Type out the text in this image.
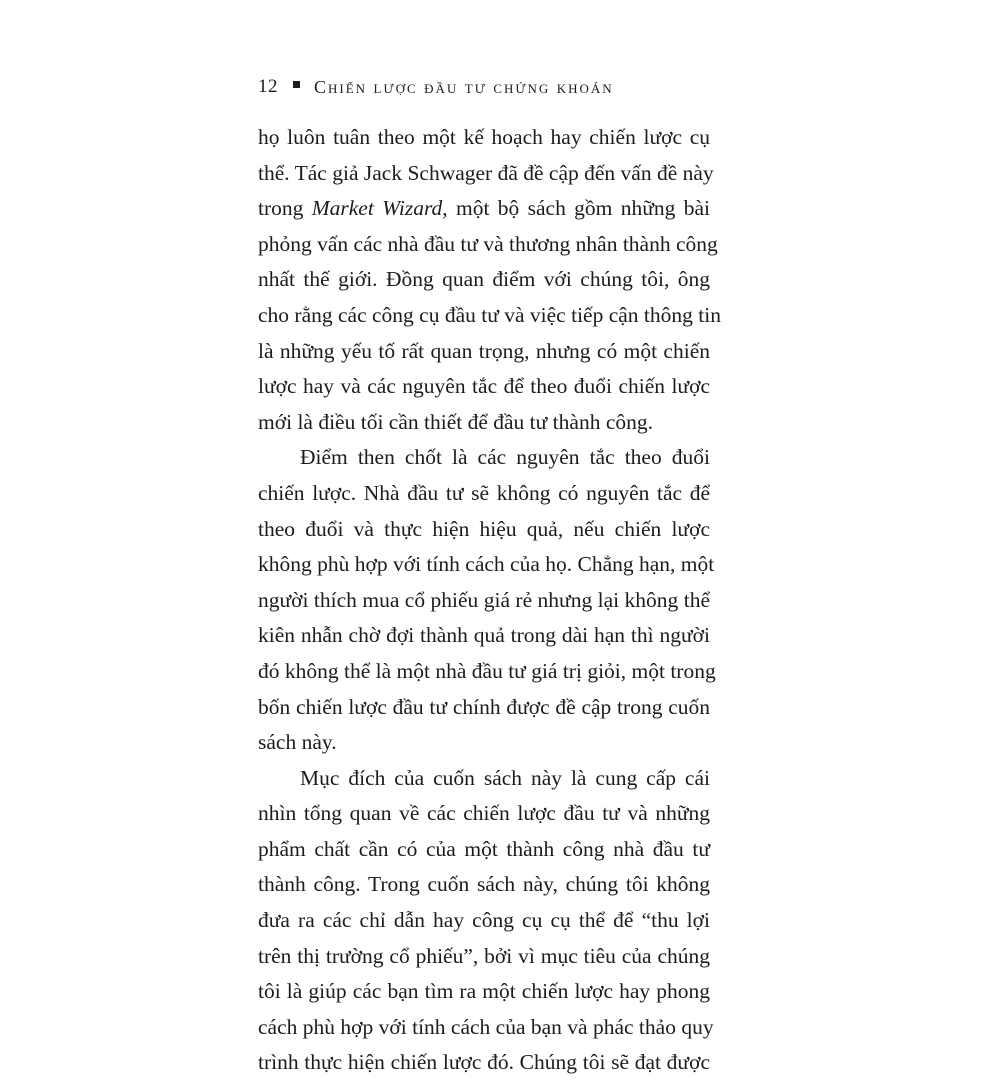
12 Chiến lược đầu tư chứng khoán
họ luôn tuân theo một kế hoạch hay chiến lược cụ
thể. Tác giả Jack Schwager đã đề cập đến vấn đề này
trong Market Wizard, một bộ sách gồm những bài
phỏng vấn các nhà đầu tư và thương nhân thành công
nhất thế giới. Đồng quan điểm với chúng tôi, ông
cho rằng các công cụ đầu tư và việc tiếp cận thông tin
là những yếu tố rất quan trọng, nhưng có một chiến
lược hay và các nguyên tắc để theo đuổi chiến lược
mới là điều tối cần thiết để đầu tư thành công.
Điểm then chốt là các nguyên tắc theo đuổi
chiến lược. Nhà đầu tư sẽ không có nguyên tắc để
theo đuổi và thực hiện hiệu quả, nếu chiến lược
không phù hợp với tính cách của họ. Chẳng hạn, một
người thích mua cổ phiếu giá rẻ nhưng lại không thể
kiên nhẫn chờ đợi thành quả trong dài hạn thì người
đó không thể là một nhà đầu tư giá trị giỏi, một trong
bốn chiến lược đầu tư chính được đề cập trong cuốn
sách này.
Mục đích của cuốn sách này là cung cấp cái
nhìn tổng quan về các chiến lược đầu tư và những
phẩm chất cần có của một thành công nhà đầu tư
thành công. Trong cuốn sách này, chúng tôi không
đưa ra các chỉ dẫn hay công cụ cụ thể để “thu lợi
trên thị trường cổ phiếu”, bởi vì mục tiêu của chúng
tôi là giúp các bạn tìm ra một chiến lược hay phong
cách phù hợp với tính cách của bạn và phác thảo quy
trình thực hiện chiến lược đó. Chúng tôi sẽ đạt được
